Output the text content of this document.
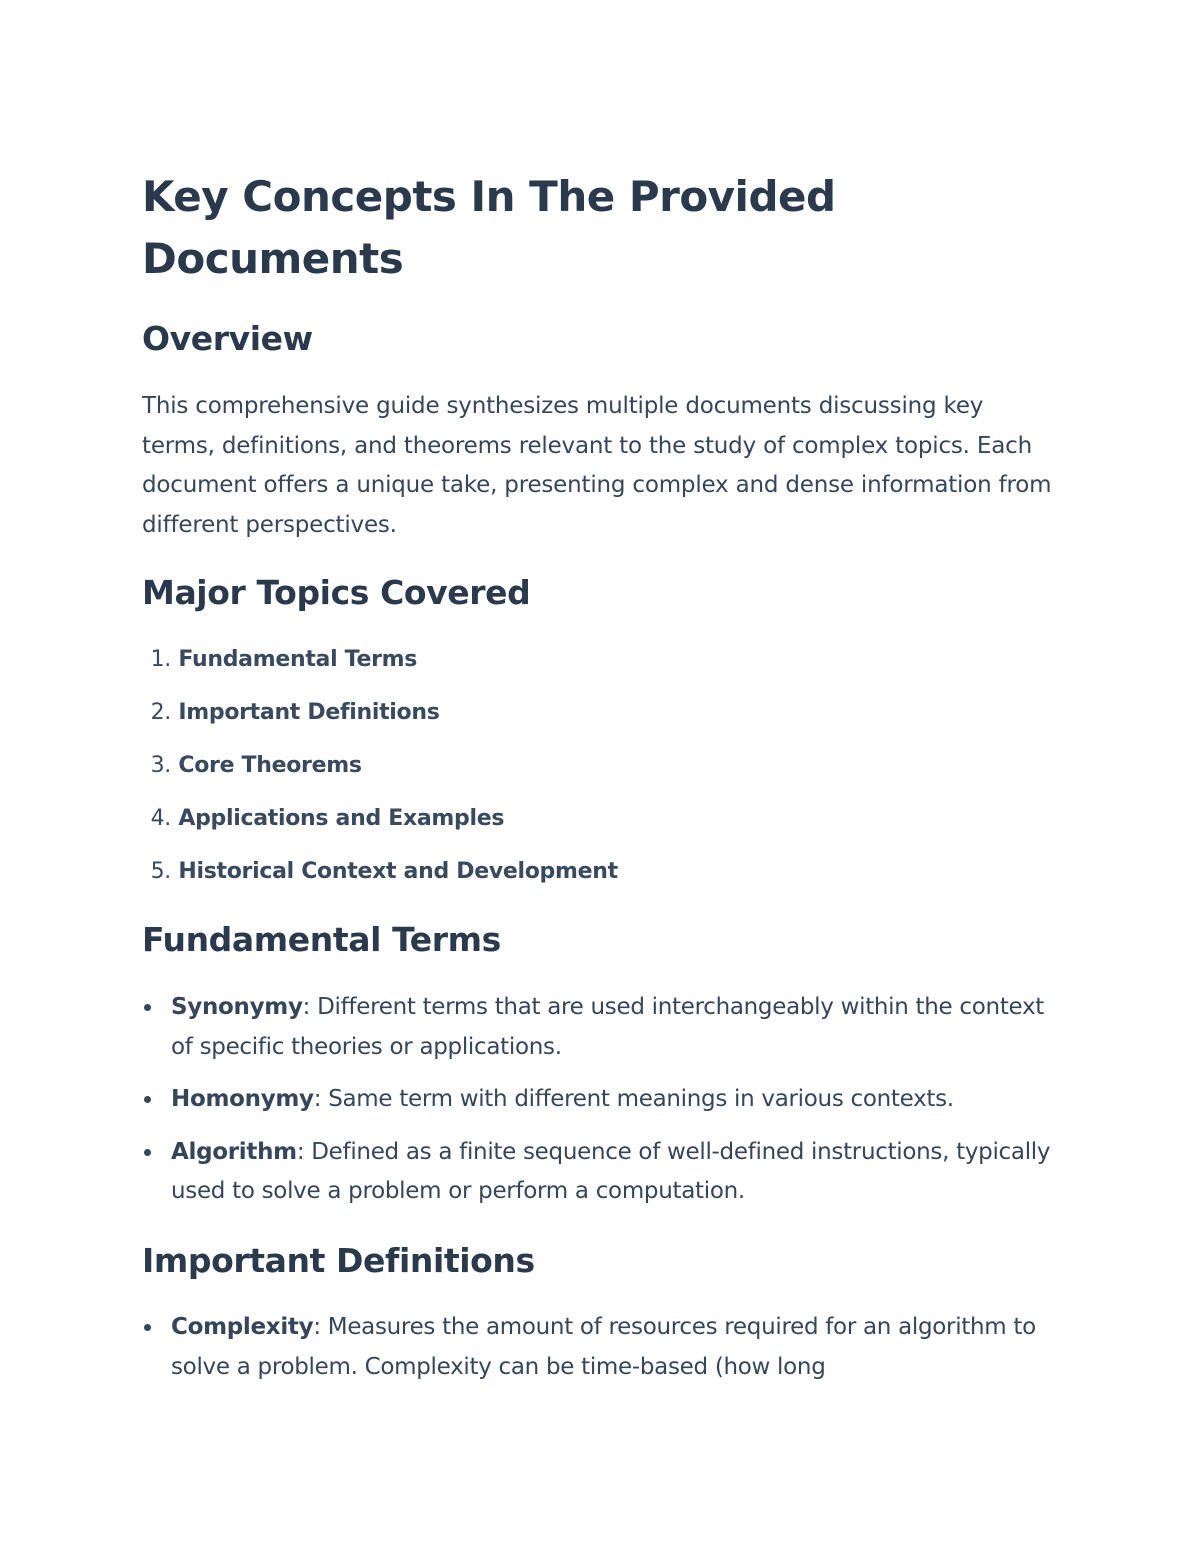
Key Concepts In The Provided Documents
Overview

This comprehensive guide synthesizes multiple documents discussing key terms, definitions, and theorems relevant to the study of complex topics. Each document offers a unique take, presenting complex and dense information from different perspectives.

Major Topics Covered
1. Fundamental Terms
2. Important Definitions
3. Core Theorems
4. Applications and Examples
5. Historical Context and Development
Fundamental Terms
Synonymy: Different terms that are used interchangeably within the context of specific theories or applications.
Homonymy: Same term with different meanings in various contexts.
Algorithm: Defined as a finite sequence of well-defined instructions, typically used to solve a problem or perform a computation.
Important Definitions
Complexity: Measures the amount of resources required for an algorithm to solve a problem. Complexity can be time-based (how long
